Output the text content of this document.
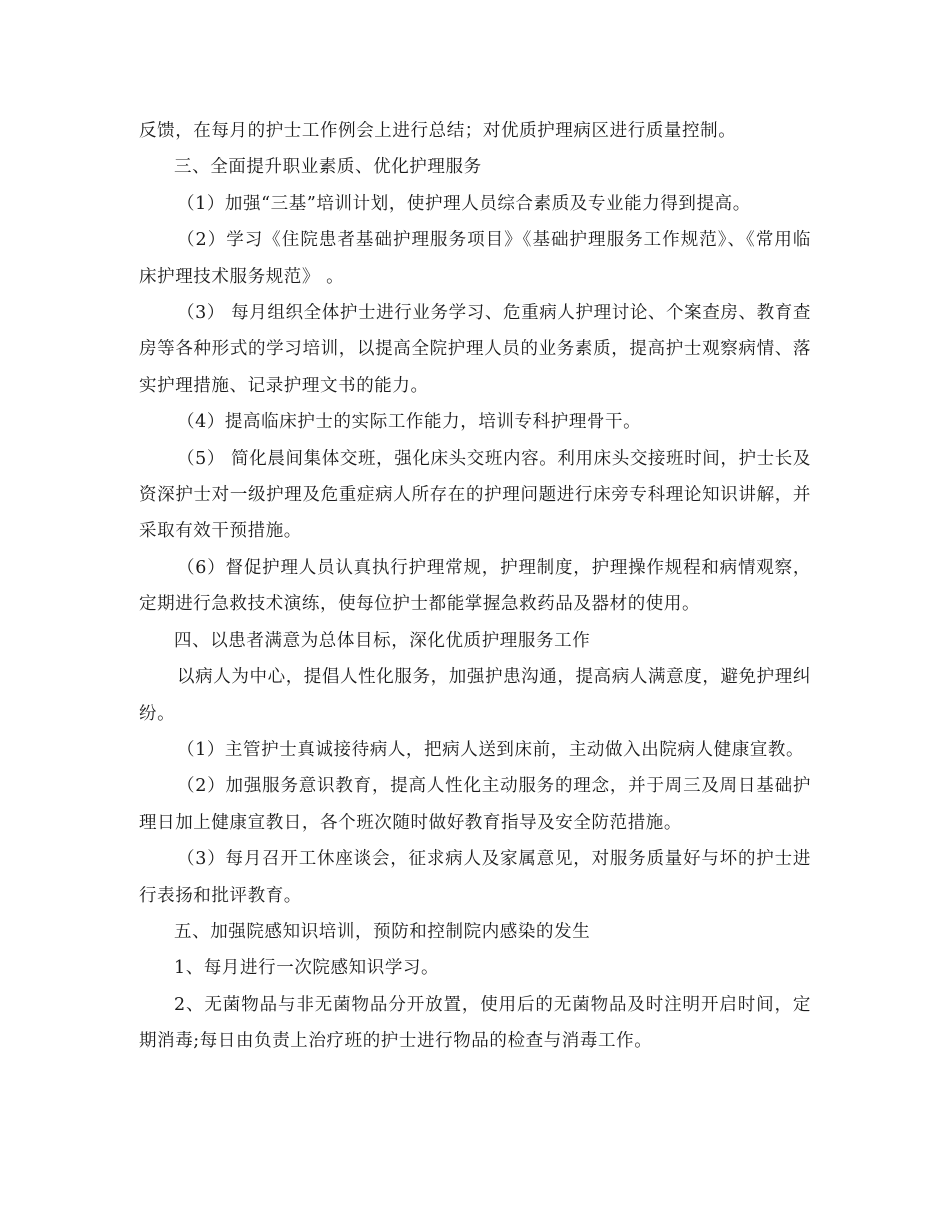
反馈，在每月的护士工作例会上进行总结；对优质护理病区进行质量控制。

三、全面提升职业素质、优化护理服务

（1）加强“三基”培训计划，使护理人员综合素质及专业能力得到提高。

（2）学习《住院患者基础护理服务项目》《基础护理服务工作规范》、《常用临床护理技术服务规范》 。

（3） 每月组织全体护士进行业务学习、危重病人护理讨论、个案查房、教育查房等各种形式的学习培训，以提高全院护理人员的业务素质，提高护士观察病情、落实护理措施、记录护理文书的能力。

（4）提高临床护士的实际工作能力，培训专科护理骨干。

（5） 简化晨间集体交班，强化床头交班内容。利用床头交接班时间，护士长及资深护士对一级护理及危重症病人所存在的护理问题进行床旁专科理论知识讲解，并采取有效干预措施。

（6）督促护理人员认真执行护理常规，护理制度，护理操作规程和病情观察，定期进行急救技术演练，使每位护士都能掌握急救药品及器材的使用。

四、以患者满意为总体目标，深化优质护理服务工作

以病人为中心，提倡人性化服务，加强护患沟通，提高病人满意度，避免护理纠纷。

（1）主管护士真诚接待病人，把病人送到床前，主动做入出院病人健康宣教。

（2）加强服务意识教育，提高人性化主动服务的理念，并于周三及周日基础护理日加上健康宣教日，各个班次随时做好教育指导及安全防范措施。

（3）每月召开工休座谈会，征求病人及家属意见，对服务质量好与坏的护士进行表扬和批评教育。

五、加强院感知识培训，预防和控制院内感染的发生

1、每月进行一次院感知识学习。

2、无菌物品与非无菌物品分开放置，使用后的无菌物品及时注明开启时间，定期消毒;每日由负责上治疗班的护士进行物品的检查与消毒工作。
